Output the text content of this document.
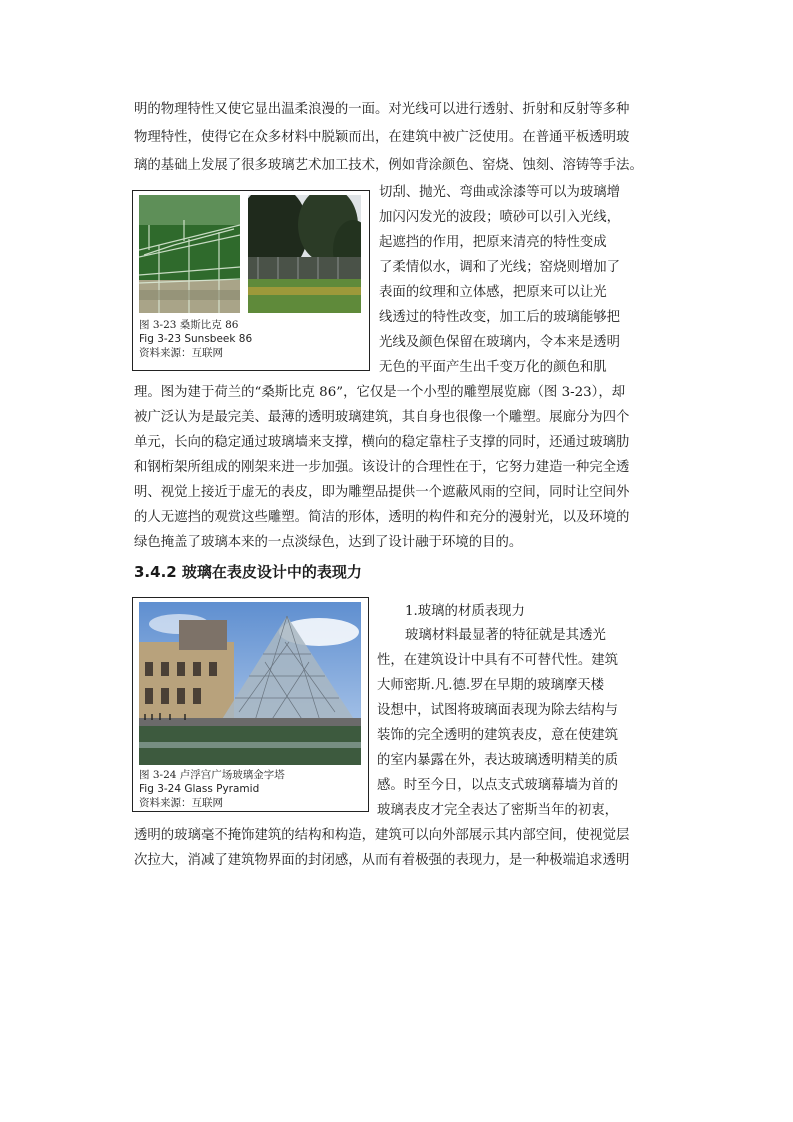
明的物理特性又使它显出温柔浪漫的一面。对光线可以进行透射、折射和反射等多种
物理特性，使得它在众多材料中脱颖而出，在建筑中被广泛使用。在普通平板透明玻
璃的基础上发展了很多玻璃艺术加工技术，例如背涂颜色、窑烧、蚀刻、溶铸等手法。
图 3-23 桑斯比克 86
Fig 3-23 Sunsbeek 86
资料来源：互联网
切刮、抛光、弯曲或涂漆等可以为玻璃增
加闪闪发光的波段；喷砂可以引入光线，
起遮挡的作用，把原来清亮的特性变成
了柔情似水，调和了光线；窑烧则增加了
表面的纹理和立体感，把原来可以让光
线透过的特性改变，加工后的玻璃能够把
光线及颜色保留在玻璃内，令本来是透明
无色的平面产生出千变万化的颜色和肌
理。图为建于荷兰的“桑斯比克 86”，它仅是一个小型的雕塑展览廊（图 3-23），却
被广泛认为是最完美、最薄的透明玻璃建筑，其自身也很像一个雕塑。展廊分为四个
单元，长向的稳定通过玻璃墙来支撑，横向的稳定靠柱子支撑的同时，还通过玻璃肋
和钢桁架所组成的刚架来进一步加强。该设计的合理性在于，它努力建造一种完全透
明、视觉上接近于虚无的表皮，即为雕塑品提供一个遮蔽风雨的空间，同时让空间外
的人无遮挡的观赏这些雕塑。简洁的形体，透明的构件和充分的漫射光，以及环境的
绿色掩盖了玻璃本来的一点淡绿色，达到了设计融于环境的目的。
3.4.2 玻璃在表皮设计中的表现力
图 3-24 卢浮宫广场玻璃金字塔
Fig 3-24 Glass Pyramid
资料来源：互联网
1.玻璃的材质表现力
玻璃材料最显著的特征就是其透光
性，在建筑设计中具有不可替代性。建筑
大师密斯.凡.德.罗在早期的玻璃摩天楼
设想中，试图将玻璃面表现为除去结构与
装饰的完全透明的建筑表皮，意在使建筑
的室内暴露在外，表达玻璃透明精美的质
感。时至今日，以点支式玻璃幕墙为首的
玻璃表皮才完全表达了密斯当年的初衷，
透明的玻璃毫不掩饰建筑的结构和构造，建筑可以向外部展示其内部空间，使视觉层
次拉大，消减了建筑物界面的封闭感，从而有着极强的表现力，是一种极端追求透明
